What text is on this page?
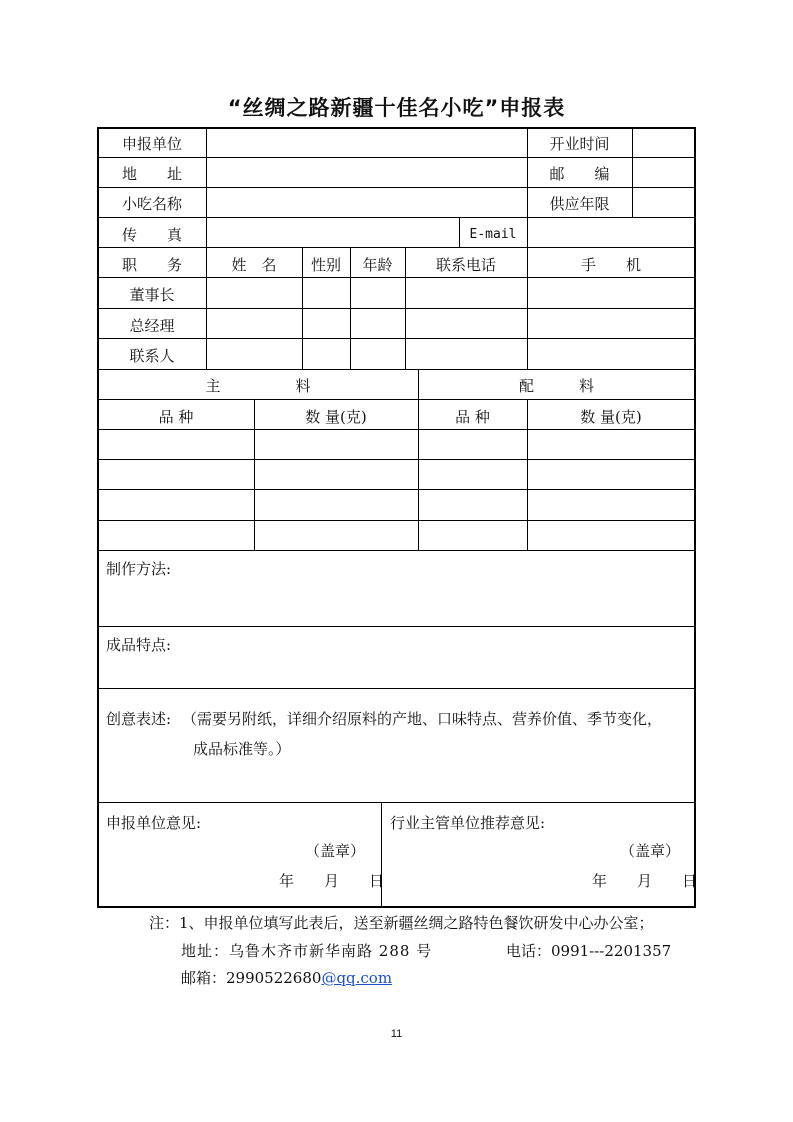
“丝绸之路新疆十佳名小吃”申报表
申报单位	开业时间
地　　址	邮　　编
小吃名称	供应年限
传　　真	E-mail
职　　务	姓　名	性别	年龄	联系电话	手　　机
董事长
总经理
联系人
主　　　　　料	配　　　料
品 种	数 量(克)	品 种	数 量(克)
制作方法:
成品特点:
创意表述: （需要另附纸，详细介绍原料的产地、口味特点、营养价值、季节变化，
成品标准等。）
申报单位意见:	行业主管单位推荐意见:
（盖章）	（盖章）
年　　月　　日	年　　月　　日
注：1、申报单位填写此表后，送至新疆丝绸之路特色餐饮研发中心办公室；
地址：乌鲁木齐市新华南路 288 号	电话：0991---2201357
邮箱：2990522680@qq.com
11
